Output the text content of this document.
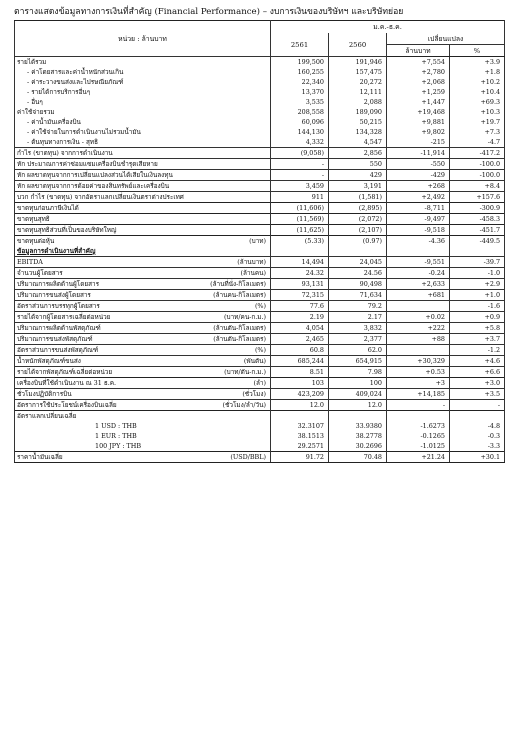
ตารางแสดงข้อมูลทางการเงินที่สำคัญ (Financial Performance) – งบการเงินของบริษัทฯ และบริษัทย่อย
หน่วย : ล้านบาท	ม.ค.-ธ.ค.			
	2561	2560	เปลี่ยนแปลง	
			ล้านบาท	%
รายได้รวม	199,500	191,946	+7,554	+3.9
- ค่าโดยสารและค่าน้ำหนักส่วนเกิน	160,255	157,475	+2,780	+1.8
- ค่าระวางขนส่งและไปรษณียภัณฑ์	22,340	20,272	+2,068	+10.2
- รายได้การบริการอื่นๆ	13,370	12,111	+1,259	+10.4
- อื่นๆ	3,535	2,088	+1,447	+69.3
ค่าใช้จ่ายรวม	208,558	189,090	+19,468	+10.3
- ค่าน้ำมันเครื่องบิน	60,096	50,215	+9,881	+19.7
- ค่าใช้จ่ายในการดำเนินงานไม่รวมน้ำมัน	144,130	134,328	+9,802	+7.3
- ต้นทุนทางการเงิน - สุทธิ	4,332	4,547	-215	-4.7
กำไร (ขาดทุน) จากการดำเนินงาน	(9,058)	2,856	-11,914	-417.2
หัก ประมาณการค่าซ่อมแซมเครื่องบินชำรุดเสียหาย	-	550	-550	-100.0
หัก ผลขาดทุนจากการเปลี่ยนแปลงส่วนได้เสียในเงินลงทุน	-	429	-429	-100.0
หัก ผลขาดทุนจากการด้อยค่าของสินทรัพย์และเครื่องบิน	3,459	3,191	+268	+8.4
บวก กำไร (ขาดทุน) จากอัตราแลกเปลี่ยนเงินตราต่างประเทศ	911	(1,581)	+2,492	+157.6
ขาดทุนก่อนภาษีเงินได้	(11,606)	(2,895)	-8,711	-300.9
ขาดทุนสุทธิ	(11,569)	(2,072)	-9,497	-458.3
ขาดทุนสุทธิส่วนที่เป็นของบริษัทใหญ่	(11,625)	(2,107)	-9,518	-451.7
ขาดทุนต่อหุ้น (บาท)	(5.33)	(0.97)	-4.36	-449.5
ข้อมูลการดำเนินงานที่สำคัญ				
EBITDA (ล้านบาท)	14,494	24,045	-9,551	-39.7
จำนวนผู้โดยสาร (ล้านคน)	24.32	24.56	-0.24	-1.0
ปริมาณการผลิตด้านผู้โดยสาร (ล้านที่นั่ง-กิโลเมตร)	93,131	90,498	+2,633	+2.9
ปริมาณการขนส่งผู้โดยสาร (ล้านคน-กิโลเมตร)	72,315	71,634	+681	+1.0
อัตราส่วนการบรรทุกผู้โดยสาร (%)	77.6	79.2		-1.6
รายได้จากผู้โดยสารเฉลี่ยต่อหน่วย (บาท/คน-ก.ม.)	2.19	2.17	+0.02	+0.9
ปริมาณการผลิตด้านพัสดุภัณฑ์ (ล้านตัน-กิโลเมตร)	4,054	3,832	+222	+5.8
ปริมาณการขนส่งพัสดุภัณฑ์ (ล้านตัน-กิโลเมตร)	2,465	2,377	+88	+3.7
อัตราส่วนการขนส่งพัสดุภัณฑ์ (%)	60.8	62.0		-1.2
น้ำหนักพัสดุภัณฑ์ขนส่ง (พันตัน)	685,244	654,915	+30,329	+4.6
รายได้จากพัสดุภัณฑ์เฉลี่ยต่อหน่วย (บาท/ตัน-ก.ม.)	8.51	7.98	+0.53	+6.6
เครื่องบินที่ใช้ดำเนินงาน ณ 31 ธ.ค. (ลำ)	103	100	+3	+3.0
ชั่วโมงปฏิบัติการบิน (ชั่วโมง)	423,209	409,024	+14,185	+3.5
อัตราการใช้ประโยชน์เครื่องบินเฉลี่ย (ชั่วโมง/ลำ/วัน)	12.0	12.0	-	-
อัตราแลกเปลี่ยนเฉลี่ย				
1 USD : THB	32.3107	33.9380	-1.6273	-4.8
1 EUR : THB	38.1513	38.2778	-0.1265	-0.3
100 JPY : THB	29.2571	30.2696	-1.0125	-3.3
ราคาน้ำมันเฉลี่ย (USD/BBL)	91.72	70.48	+21.24	+30.1
